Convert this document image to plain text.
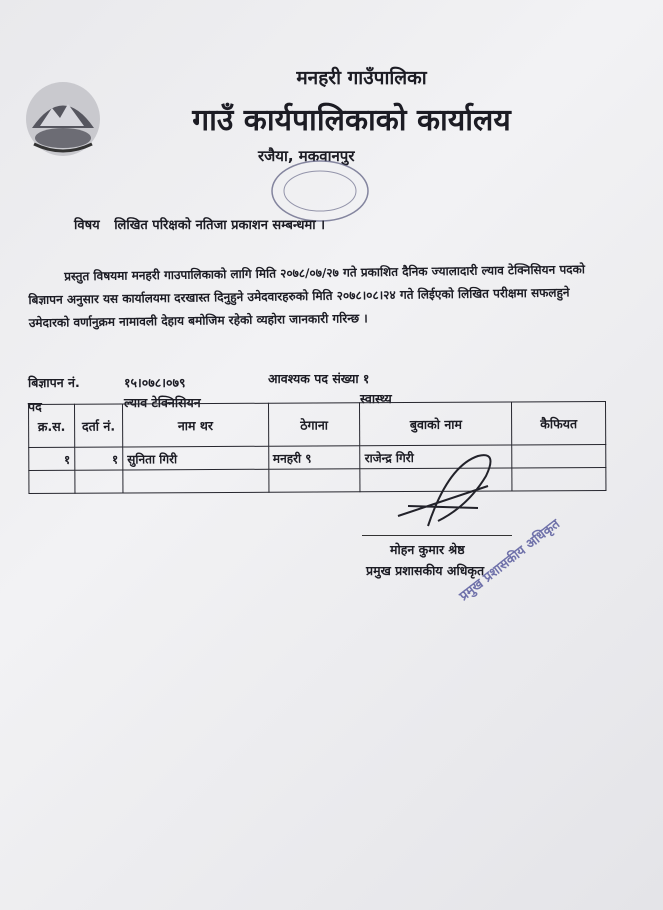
मनहरी गाउँपालिका
गाउँ कार्यपालिकाको कार्यालय
रजैया, मकवानपुर
विषय लिखित परिक्षको नतिजा प्रकाशन सम्बन्धमा ।
प्रस्तुत विषयमा मनहरी गाउपालिकाको लागि मिति २०७८/०७/२७ गते प्रकाशित दैनिक ज्यालादारी ल्याव टेक्निसियन पदको बिज्ञापन अनुसार यस कार्यालयमा दरखास्त दिनुहुने उमेदवारहरुको मिति २०७८।०८।२४ गते लिईएको लिखित परीक्षमा सफलहुने उमेदारको वर्णानुक्रम नामावली देहाय बमोजिम रहेको व्यहोरा जानकारी गरिन्छ ।
बिज्ञापन नं.	१५।०७८।०७९	आवश्यक पद संख्या १
पद	ल्याव टेक्निसियन	स्वास्थ्य
क्र.स.	दर्ता नं.	नाम थर	ठेगाना	बुवाको नाम	कैफियत
१	१	सुनिता गिरी	मनहरी ९	राजेन्द्र गिरी	

मोहन कुमार श्रेष्ठ
प्रमुख प्रशासकीय अधिकृत
प्रमुख प्रशासकीय अधिकृत
